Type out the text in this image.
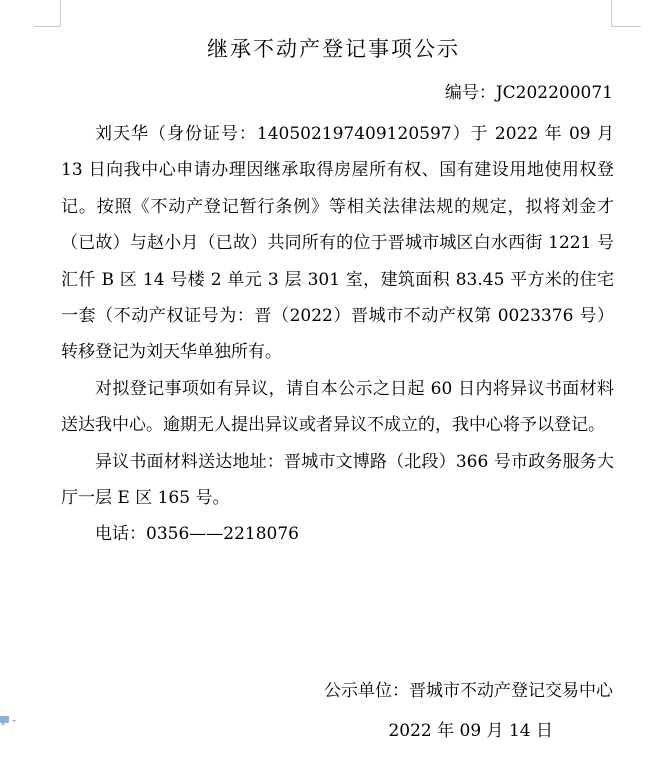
继承不动产登记事项公示
编号：JC202200071

刘天华（身份证号：140502197409120597）于 2022 年 09 月 13 日向我中心申请办理因继承取得房屋所有权、国有建设用地使用权登记。按照《不动产登记暂行条例》等相关法律法规的规定，拟将刘金才（已故）与赵小月（已故）共同所有的位于晋城市城区白水西街 1221 号汇仟 B 区 14 号楼 2 单元 3 层 301 室，建筑面积 83.45 平方米的住宅一套（不动产权证号为：晋（2022）晋城市不动产权第 0023376 号）转移登记为刘天华单独所有。

对拟登记事项如有异议，请自本公示之日起 60 日内将异议书面材料送达我中心。逾期无人提出异议或者异议不成立的，我中心将予以登记。

异议书面材料送达地址：晋城市文博路（北段）366 号市政务服务大厅一层 E 区 165 号。

电话：0356——2218076

公示单位：晋城市不动产登记交易中心
2022 年 09 月 14 日
